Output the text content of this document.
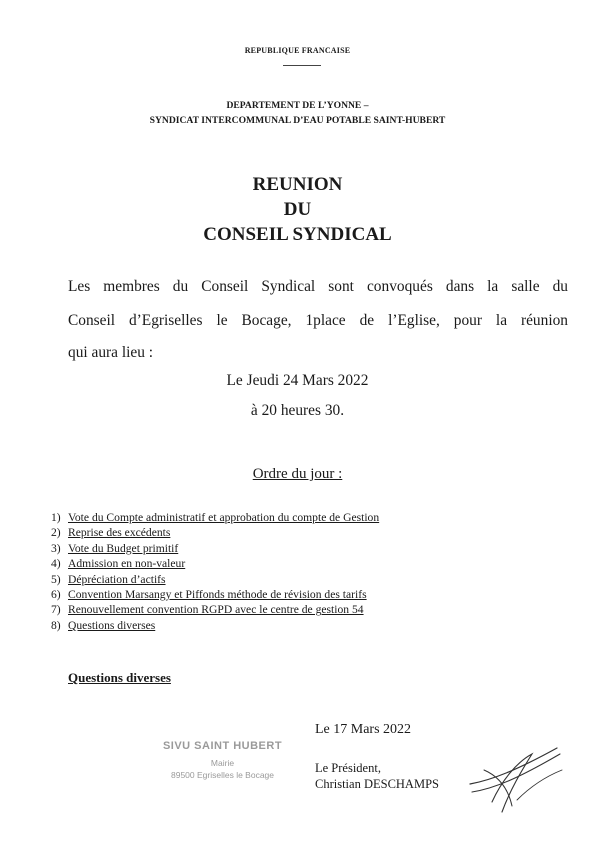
REPUBLIQUE FRANCAISE
DEPARTEMENT DE L’YONNE –
SYNDICAT INTERCOMMUNAL D’EAU POTABLE SAINT-HUBERT
REUNION
DU
CONSEIL SYNDICAL
Les membres du Conseil Syndical sont convoqués dans la salle du
Conseil d’Egriselles le Bocage, 1place de l’Eglise, pour la réunion
qui aura lieu :
Le Jeudi 24 Mars 2022
à 20 heures 30.
Ordre du jour :
1) Vote du Compte administratif et approbation du compte de Gestion
2) Reprise des excédents
3) Vote du Budget primitif
4) Admission en non-valeur
5) Dépréciation d’actifs
6) Convention Marsangy et Piffonds méthode de révision des tarifs
7) Renouvellement convention RGPD avec le centre de gestion 54
8) Questions diverses
Questions diverses
Le 17 Mars 2022
Le Président,
Christian DESCHAMPS
SIVU SAINT HUBERT
Mairie
89500 Egriselles le Bocage
